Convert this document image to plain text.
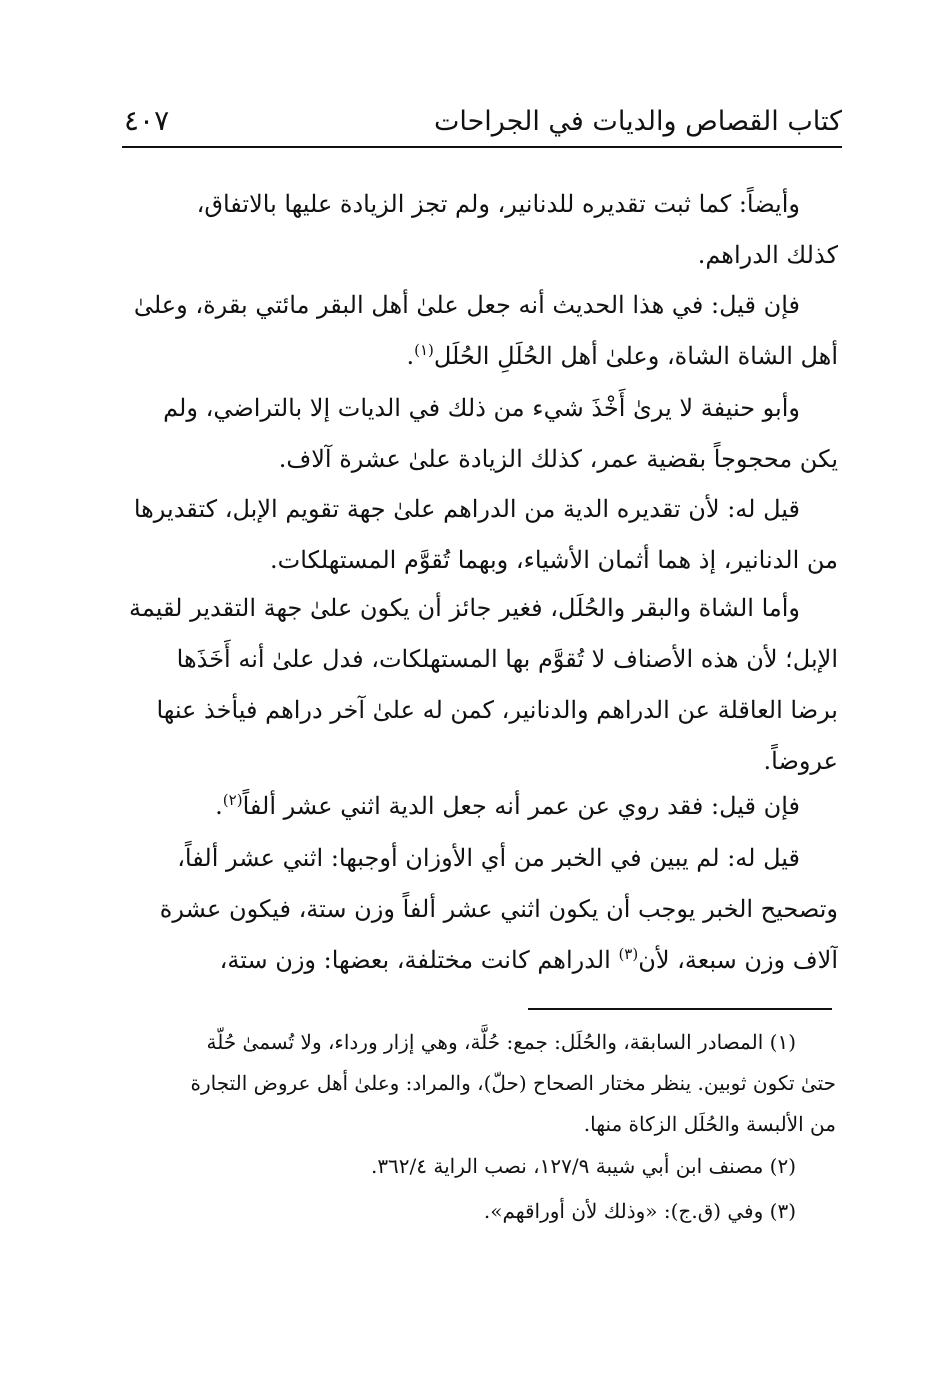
كتاب القصاص والديات في الجراحات
٤٠٧
وأيضاً: كما ثبت تقديره للدنانير، ولم تجز الزيادة عليها بالاتفاق،
كذلك الدراهم.
فإن قيل: في هذا الحديث أنه جعل علىٰ أهل البقر مائتي بقرة، وعلىٰ
أهل الشاة الشاة، وعلىٰ أهل الحُلَلِ الحُلَل$^{(١)}$.
وأبو حنيفة لا يرىٰ أَخْذَ شيء من ذلك في الديات إلا بالتراضي، ولم
يكن محجوجاً بقضية عمر، كذلك الزيادة علىٰ عشرة آلاف.
قيل له: لأن تقديره الدية من الدراهم علىٰ جهة تقويم الإبل، كتقديرها
من الدنانير، إذ هما أثمان الأشياء، وبهما تُقوَّم المستهلكات.
وأما الشاة والبقر والحُلَل، فغير جائز أن يكون علىٰ جهة التقدير لقيمة
الإبل؛ لأن هذه الأصناف لا تُقوَّم بها المستهلكات، فدل علىٰ أنه أَخَذَها
برضا العاقلة عن الدراهم والدنانير، كمن له علىٰ آخر دراهم فيأخذ عنها
عروضاً.
فإن قيل: فقد روي عن عمر أنه جعل الدية اثني عشر ألفاً$^{(٢)}$.
قيل له: لم يبين في الخبر من أي الأوزان أوجبها: اثني عشر ألفاً،
وتصحيح الخبر يوجب أن يكون اثني عشر ألفاً وزن ستة، فيكون عشرة
آلاف وزن سبعة، لأن$^{(٣)}$ الدراهم كانت مختلفة، بعضها: وزن ستة،
(١) المصادر السابقة، والحُلَل: جمع: حُلَّة، وهي إزار ورداء، ولا تُسمىٰ حُلّة
حتىٰ تكون ثوبين. ينظر مختار الصحاح (حلّ)، والمراد: وعلىٰ أهل عروض التجارة
من الألبسة والحُلَل الزكاة منها.
(٢) مصنف ابن أبي شيبة ١٢٧/٩، نصب الراية ٣٦٢/٤.
(٣) وفي (ق.ج): «وذلك لأن أوراقهم».
